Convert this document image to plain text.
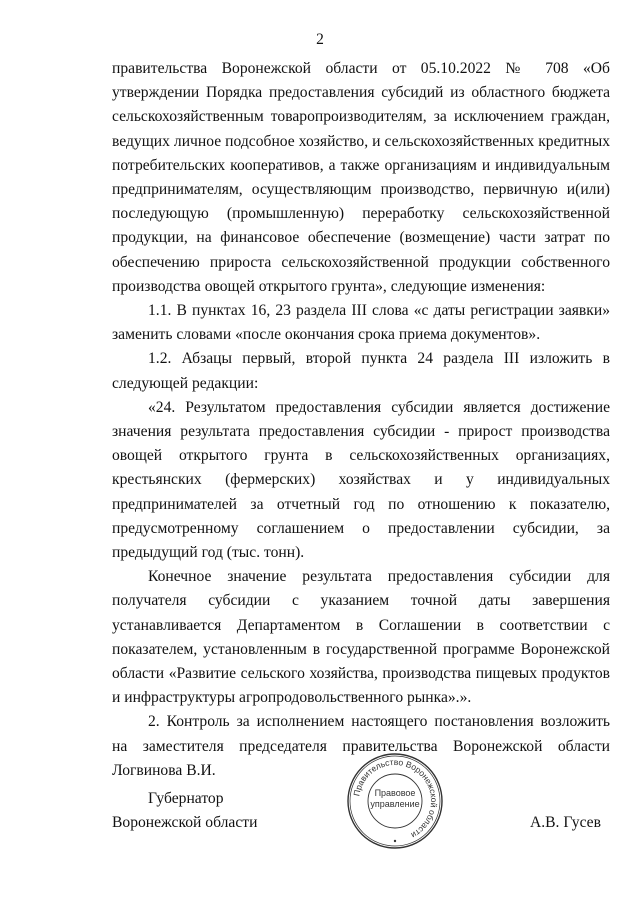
2

правительства Воронежской области от 05.10.2022 № 708 «Об утверждении Порядка предоставления субсидий из областного бюджета сельскохозяйственным товаропроизводителям, за исключением граждан, ведущих личное подсобное хозяйство, и сельскохозяйственных кредитных потребительских кооперативов, а также организациям и индивидуальным предпринимателям, осуществляющим производство, первичную и(или) последующую (промышленную) переработку сельскохозяйственной продукции, на финансовое обеспечение (возмещение) части затрат по обеспечению прироста сельскохозяйственной продукции собственного производства овощей открытого грунта», следующие изменения:

1.1. В пунктах 16, 23 раздела III слова «с даты регистрации заявки» заменить словами «после окончания срока приема документов».

1.2. Абзацы первый, второй пункта 24 раздела III изложить в следующей редакции:

«24. Результатом предоставления субсидии является достижение значения результата предоставления субсидии - прирост производства овощей открытого грунта в сельскохозяйственных организациях, крестьянских (фермерских) хозяйствах и у индивидуальных предпринимателей за отчетный год по отношению к показателю, предусмотренному соглашением о предоставлении субсидии, за предыдущий год (тыс. тонн).

Конечное значение результата предоставления субсидии для получателя субсидии с указанием точной даты завершения устанавливается Департаментом в Соглашении в соответствии с показателем, установленным в государственной программе Воронежской области «Развитие сельского хозяйства, производства пищевых продуктов и инфраструктуры агропродовольственного рынка».».

2. Контроль за исполнением настоящего постановления возложить на заместителя председателя правительства Воронежской области Логвинова В.И.

Губернатор
Воронежской области
Правительство Воронежской области
Правовое
управление
А.В. Гусев
